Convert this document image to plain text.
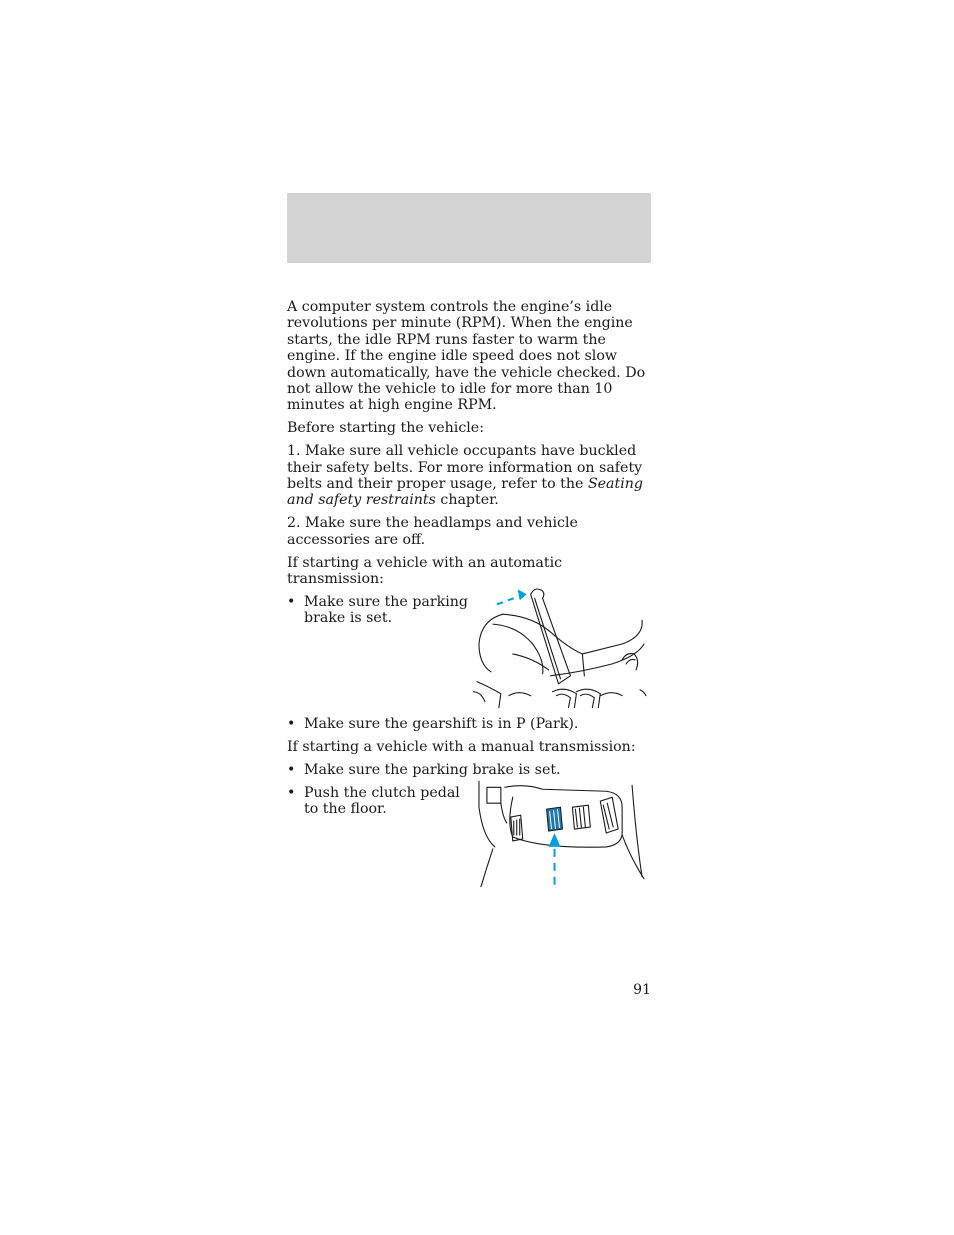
A computer system controls the engine’s idle revolutions per minute (RPM). When the engine starts, the idle RPM runs faster to warm the engine. If the engine idle speed does not slow down automatically, have the vehicle checked. Do not allow the vehicle to idle for more than 10 minutes at high engine RPM.

Before starting the vehicle:

1. Make sure all vehicle occupants have buckled their safety belts. For more information on safety belts and their proper usage, refer to the Seating and safety restraints chapter.

2. Make sure the headlamps and vehicle accessories are off.

If starting a vehicle with an automatic transmission:

• Make sure the parking brake is set.
• Make sure the gearshift is in P (Park).

If starting a vehicle with a manual transmission:

• Make sure the parking brake is set.
• Push the clutch pedal to the floor.
91
